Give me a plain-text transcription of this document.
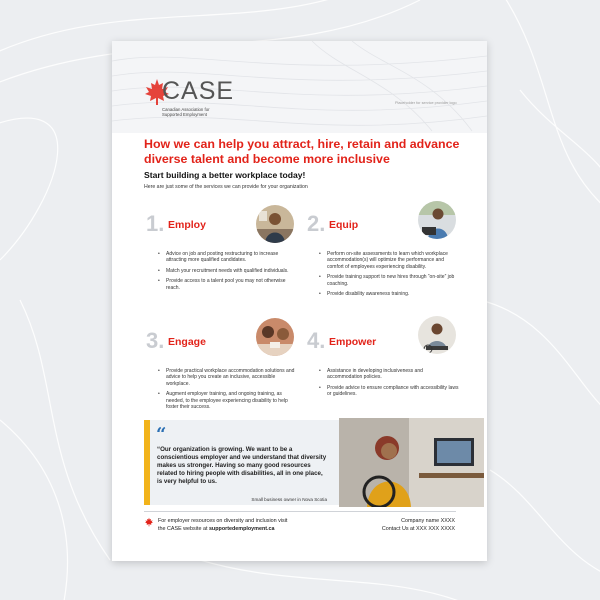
CASE
Canadian Association for
Supported Employment
Placeholder for service provider logo
How we can help you attract, hire, retain and advance diverse talent and become more inclusive
Start building a better workplace today!
Here are just some of the services we can provide for your organization
1. Employ
• Advice on job and posting restructuring to increase attracting more qualified candidates.
• Match your recruitment needs with qualified individuals.
• Provide access to a talent pool you may not otherwise reach.
2. Equip
• Perform on-site assessments to learn which workplace accommodation(s) will optimize the performance and comfort of employees experiencing disability.
• Provide training support to new hires through “on-site” job coaching.
• Provide disability awareness training.
3. Engage
• Provide practical workplace accommodation solutions and advice to help you create an inclusive, accessible workplace.
• Augment employer training, and ongoing training, as needed, to the employee experiencing disability to help foster their success.
4. Empower
• Assistance in developing inclusiveness and accommodation policies.
• Provide advice to ensure compliance with accessibility laws or guidelines.
“
“Our organization is growing. We want to be a conscientious employer and we understand that diversity makes us stronger. Having so many good resources related to hiring people with disabilities, all in one place, is very helpful to us.
Small business owner in Nova Scotia
For employer resources on diversity and inclusion visit
the CASE website at supportedemployment.ca
Company name XXXX
Contact Us at XXX XXX XXXX
